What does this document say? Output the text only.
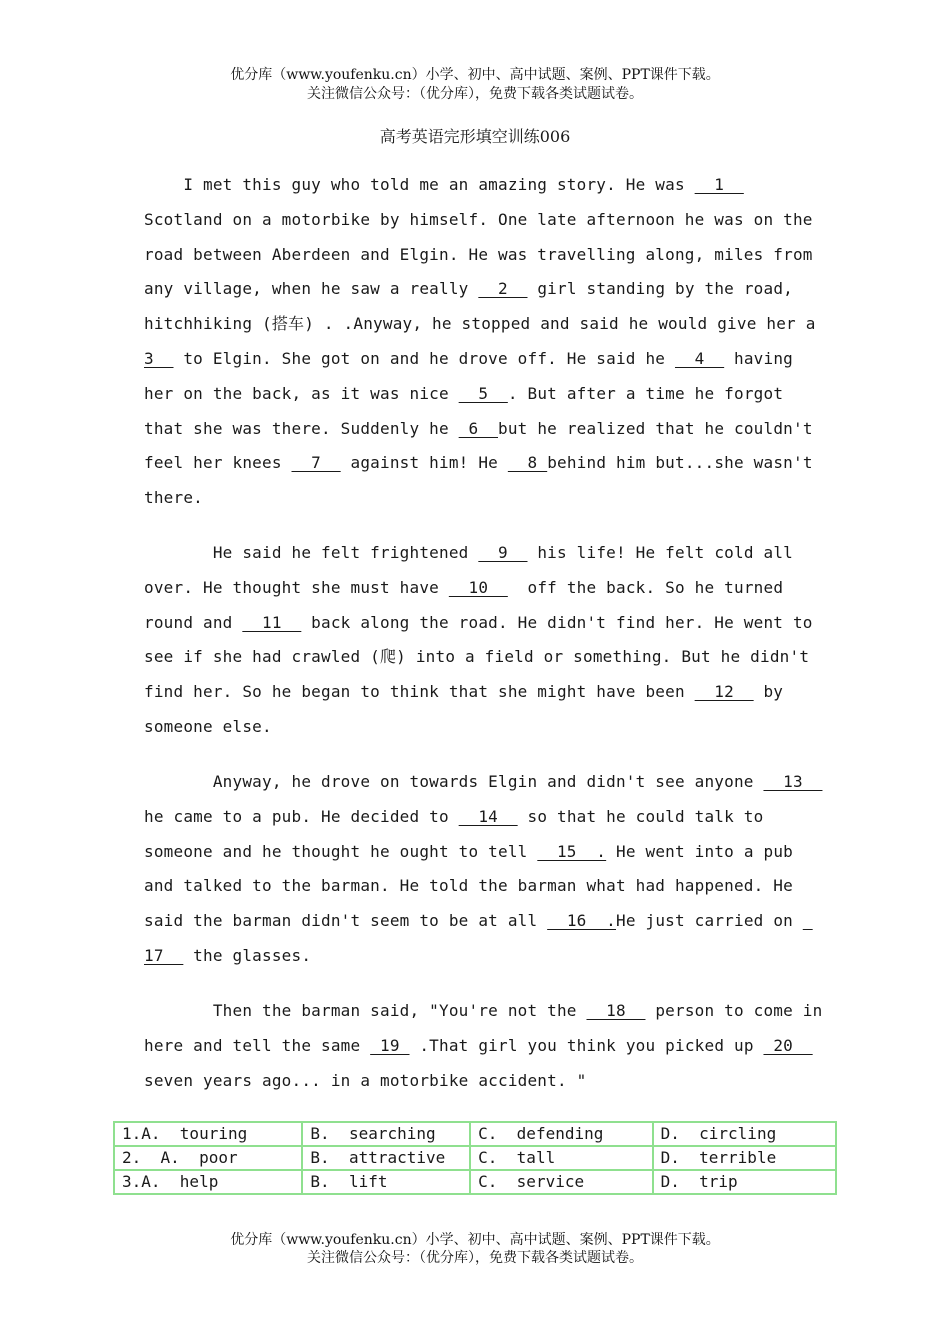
优分库（www.youfenku.cn）小学、初中、高中试题、案例、PPT课件下载。
关注微信公众号：（优分库），免费下载各类试题试卷。
高考英语完形填空训练006
I met this guy who told me an amazing story. He was   1
Scotland on a motorbike by himself. One late afternoon he was on the
road between Aberdeen and Elgin. He was travelling along, miles from
any village, when he saw a really   2   girl standing by the road,
hitchhiking (搭车) . .Anyway, he stopped and said he would give her a
3   to Elgin. She got on and he drove off. He said he   4   having
her on the back, as it was nice   5  . But after a time he forgot
that she was there. Suddenly he  6  but he realized that he couldn't
feel her knees   7   against him! He   8 behind him but...she wasn't
there.
He said he felt frightened   9   his life! He felt cold all
over. He thought she must have   10    off the back. So he turned
round and   11   back along the road. He didn't find her. He went to
see if she had crawled (爬) into a field or something. But he didn't
find her. So he began to think that she might have been   12   by
someone else.
Anyway, he drove on towards Elgin and didn't see anyone   13
he came to a pub. He decided to   14   so that he could talk to
someone and he thought he ought to tell   15  . He went into a pub
and talked to the barman. He told the barman what had happened. He
said the barman didn't seem to be at all   16  .He just carried on _
17   the glasses.
Then the barman said, "You're not the   18   person to come in
here and tell the same  19  .That girl you think you picked up  20
seven years ago... in a motorbike accident. "
1.A.  touring	B.  searching	C.  defending	D.  circling
2.  A.  poor	B.  attractive	C.  tall	D.  terrible
3.A.  help	B.  lift	C.  service	D.  trip
优分库（www.youfenku.cn）小学、初中、高中试题、案例、PPT课件下载。
关注微信公众号：（优分库），免费下载各类试题试卷。
